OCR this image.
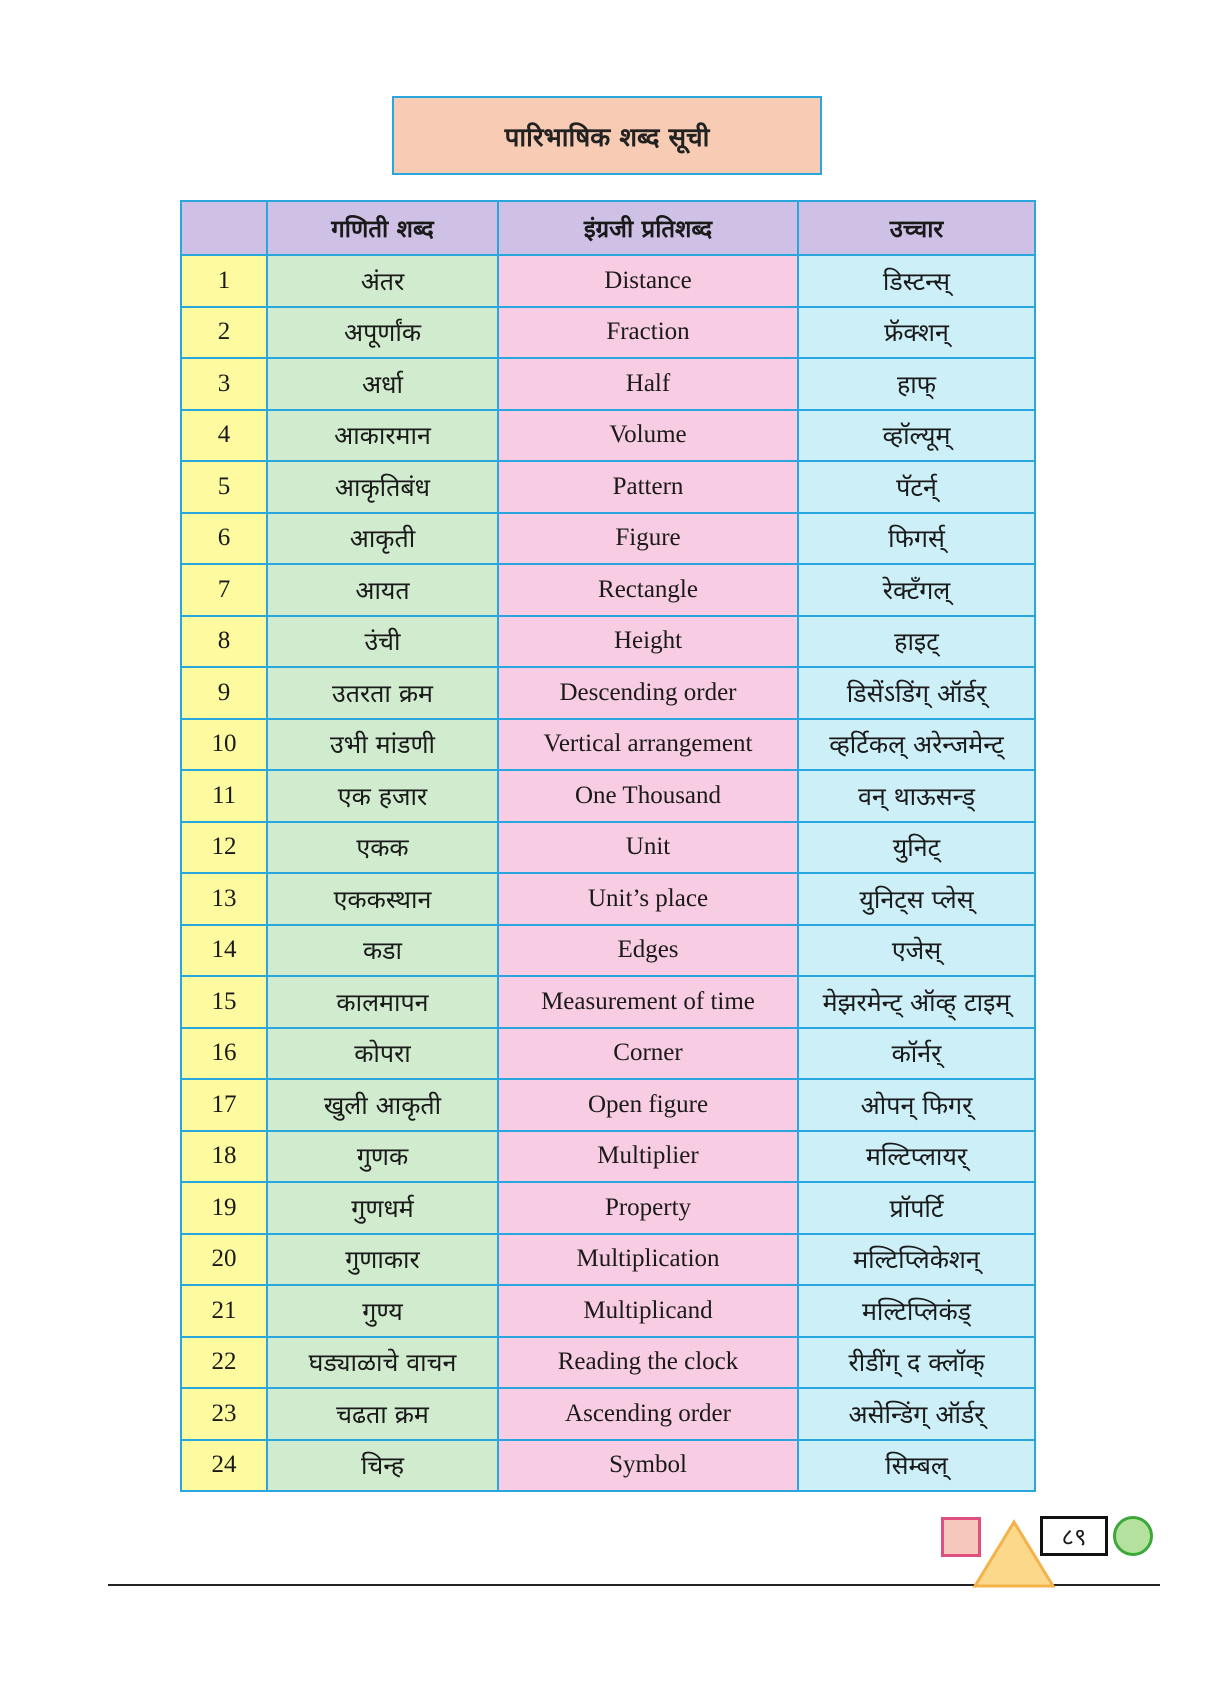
पारिभाषिक शब्द सूची
	गणिती शब्द	इंग्रजी प्रतिशब्द	उच्चार
1	अंतर	Distance	डिस्टन्स्
2	अपूर्णांक	Fraction	फ्रॅक्शन्
3	अर्धा	Half	हाफ्
4	आकारमान	Volume	व्हॉल्यूम्
5	आकृतिबंध	Pattern	पॅटर्न्
6	आकृती	Figure	फिगर्स्
7	आयत	Rectangle	रेक्टँगल्
8	उंची	Height	हाइट्
9	उतरता क्रम	Descending order	डिसेंऽडिंग् ऑर्डर्
10	उभी मांडणी	Vertical arrangement	व्हर्टिकल् अरेन्जमेन्ट्
11	एक हजार	One Thousand	वन् थाऊसन्ड्
12	एकक	Unit	युनिट्
13	एककस्थान	Unit’s place	युनिट्स प्लेस्
14	कडा	Edges	एजेस्
15	कालमापन	Measurement of time	मेझरमेन्ट् ऑव्ह् टाइम्
16	कोपरा	Corner	कॉर्नर्
17	खुली आकृती	Open figure	ओपन् फिगर्
18	गुणक	Multiplier	मल्टिप्लायर्
19	गुणधर्म	Property	प्रॉपर्टि
20	गुणाकार	Multiplication	मल्टिप्लिकेशन्
21	गुण्य	Multiplicand	मल्टिप्लिकंड्
22	घड्याळाचे वाचन	Reading the clock	रीडींग् द क्लॉक्
23	चढता क्रम	Ascending order	असेन्डिंग् ऑर्डर्
24	चिन्ह	Symbol	सिम्बल्
८९
